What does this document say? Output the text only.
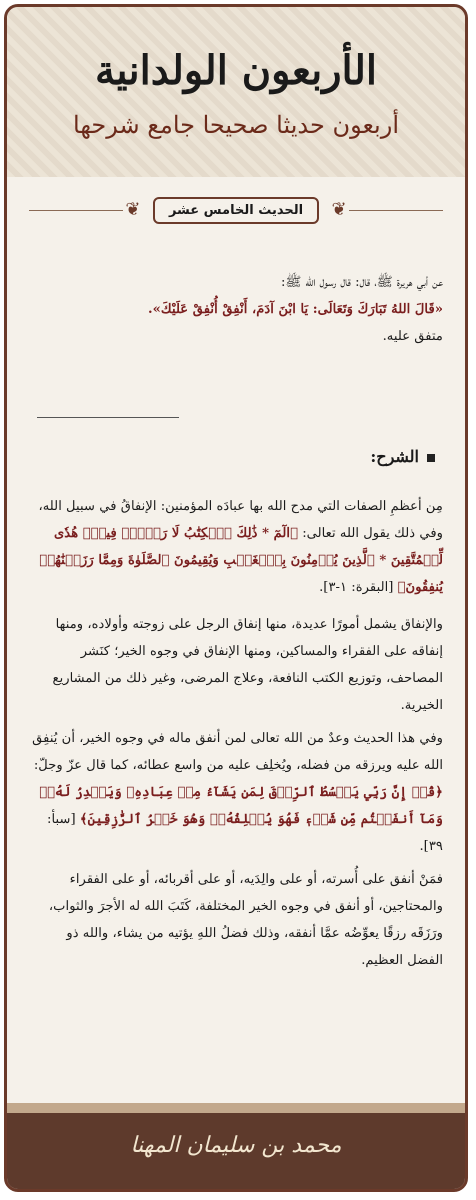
الأربعون الولدانية
أربعون حديثا صحيحا جامع شرحها
❦	الحديث الخامس عشر	❦

عن أبي هريرة ﷺ، قال: قال رسول الله ﷺ:

«قَالَ اللهُ تَبَارَكَ وَتَعَالَى: يَا ابْنَ آدَمَ، أَنْفِقْ أُنْفِقْ عَلَيْكَ».

متفق عليه.

الشرح:

مِن أعظمِ الصفات التي مدح الله بها عبادَه المؤمنين: الإنفاقُ في سبيل الله، وفي ذلك يقول الله تعالى: ﴿الٓمٓ * ذَٰلِكَ ٱلۡكِتَٰبُ لَا رَيۡبَۛ فِيهِۛ هُدٗى لِّلۡمُتَّقِينَ * ٱلَّذِينَ يُؤۡمِنُونَ بِٱلۡغَيۡبِ وَيُقِيمُونَ ٱلصَّلَوٰةَ وَمِمَّا رَزَقۡنَٰهُمۡ يُنفِقُونَ﴾ [البقرة: ١-٣].

والإنفاق يشمل أمورًا عديدة، منها إنفاق الرجل على زوجته وأولاده، ومنها إنفاقه على الفقراء والمساكين، ومنها الإنفاق في وجوه الخير؛ كنَشر المصاحف، وتوزيع الكتب النافعة، وعلاج المرضى، وغير ذلك من المشاريع الخيرية.

وفي هذا الحديث وعدٌ من الله تعالى لمن أنفق ماله في وجوه الخير، أن يُنفِق الله عليه ويرزقه من فضله، ويُخلِف عليه من واسع عطائه، كما قال عزّ وجلّ: ﴿قُلۡ إِنَّ رَبِّي يَبۡسُطُ ٱلرِّزۡقَ لِمَن يَشَآءُ مِنۡ عِبَادِهِۦ وَيَقۡدِرُ لَهُۥۚ وَمَآ أَنفَقۡتُم مِّن شَيۡءٖ فَهُوَ يُخۡلِفُهُۥۖ وَهُوَ خَيۡرُ ٱلرَّٰزِقِينَ﴾ [سبأ: ٣٩].

فمَنْ أنفق على أُسرته، أو على والِدَيه، أو على أقربائه، أو على الفقراء والمحتاجين، أو أنفق في وجوه الخير المختلفة، كَتَبَ الله له الأجرَ والثواب، ورَزَقَه رزقًا يعوِّضُه عمَّا أنفقه، وذلك فضلُ اللهِ يؤتيه من يشاء، والله ذو الفضل العظيم.

محمد بن سليمان المهنا
